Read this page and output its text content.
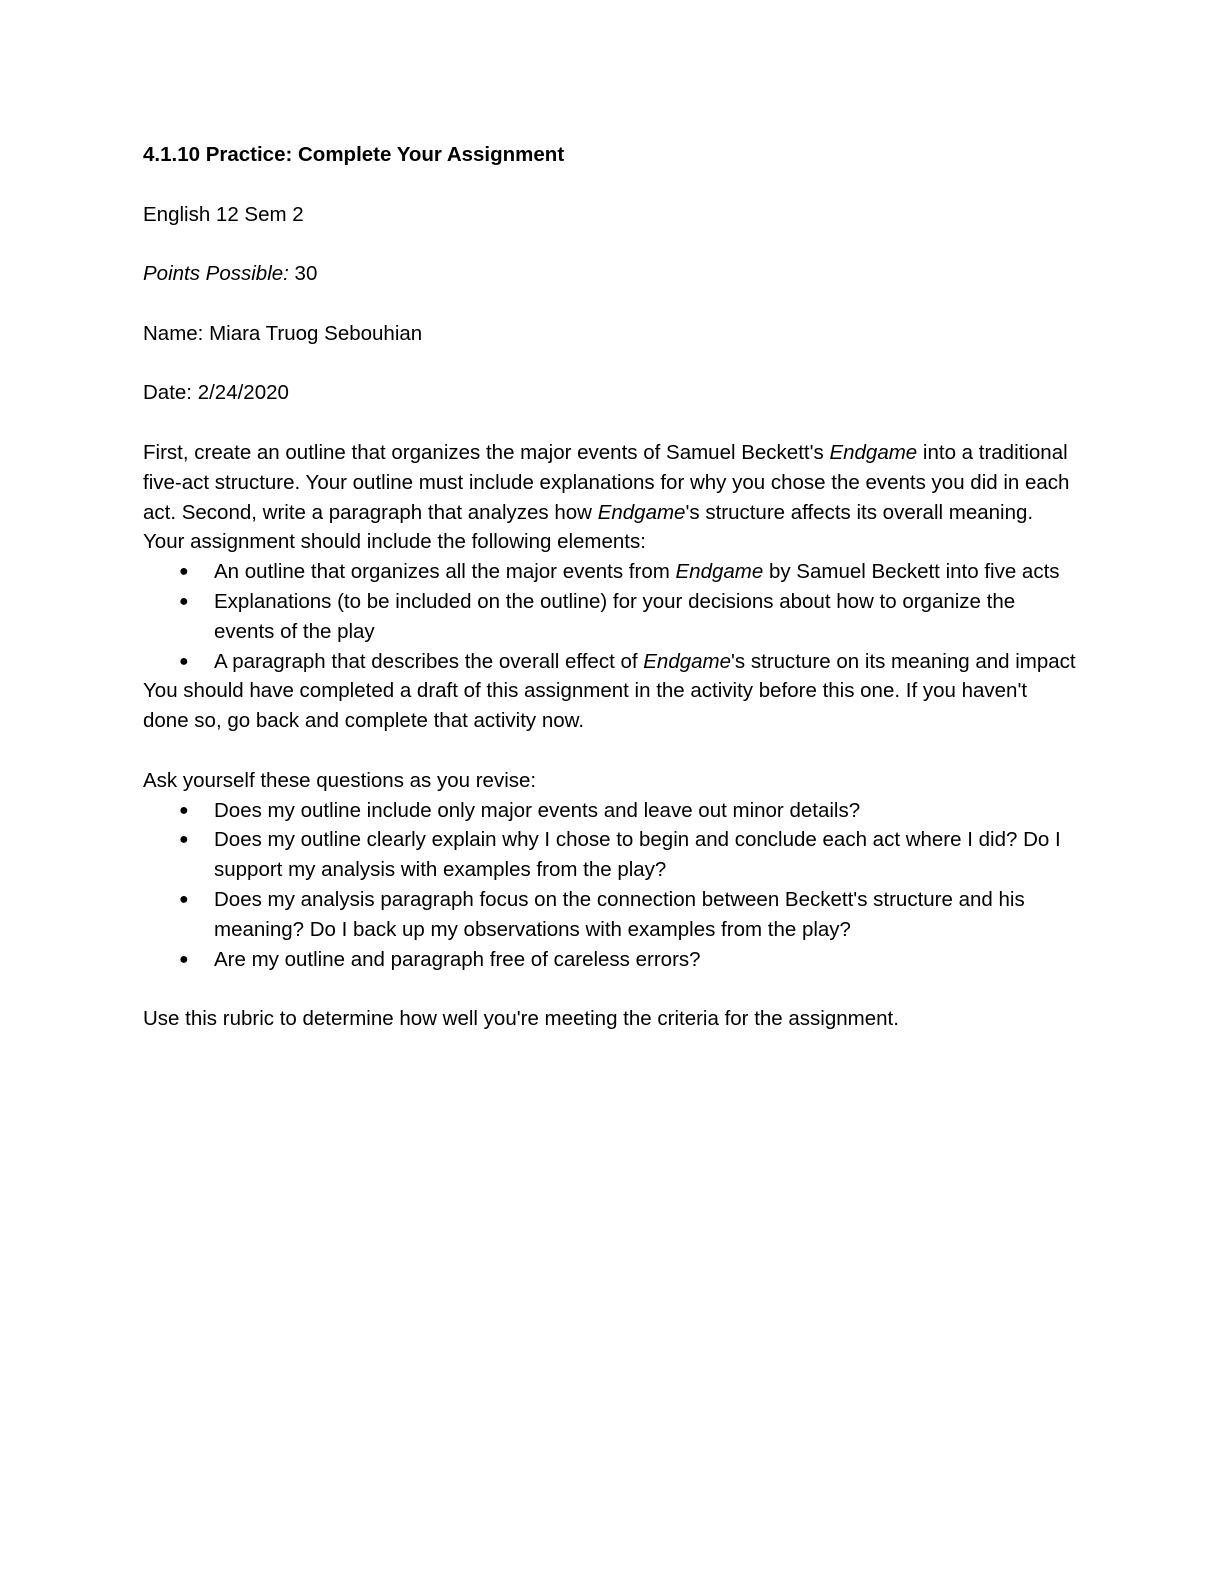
4.1.10 Practice: Complete Your Assignment

English 12 Sem 2

Points Possible: 30

Name: Miara Truog Sebouhian

Date: 2/24/2020

First, create an outline that organizes the major events of Samuel Beckett's Endgame into a traditional five-act structure. Your outline must include explanations for why you chose the events you did in each act. Second, write a paragraph that analyzes how Endgame's structure affects its overall meaning.

Your assignment should include the following elements:

● An outline that organizes all the major events from Endgame by Samuel Beckett into five acts
● Explanations (to be included on the outline) for your decisions about how to organize the events of the play
● A paragraph that describes the overall effect of Endgame's structure on its meaning and impact

You should have completed a draft of this assignment in the activity before this one. If you haven't done so, go back and complete that activity now.

Ask yourself these questions as you revise:

● Does my outline include only major events and leave out minor details?
● Does my outline clearly explain why I chose to begin and conclude each act where I did? Do I support my analysis with examples from the play?
● Does my analysis paragraph focus on the connection between Beckett's structure and his meaning? Do I back up my observations with examples from the play?
● Are my outline and paragraph free of careless errors?

Use this rubric to determine how well you're meeting the criteria for the assignment.
